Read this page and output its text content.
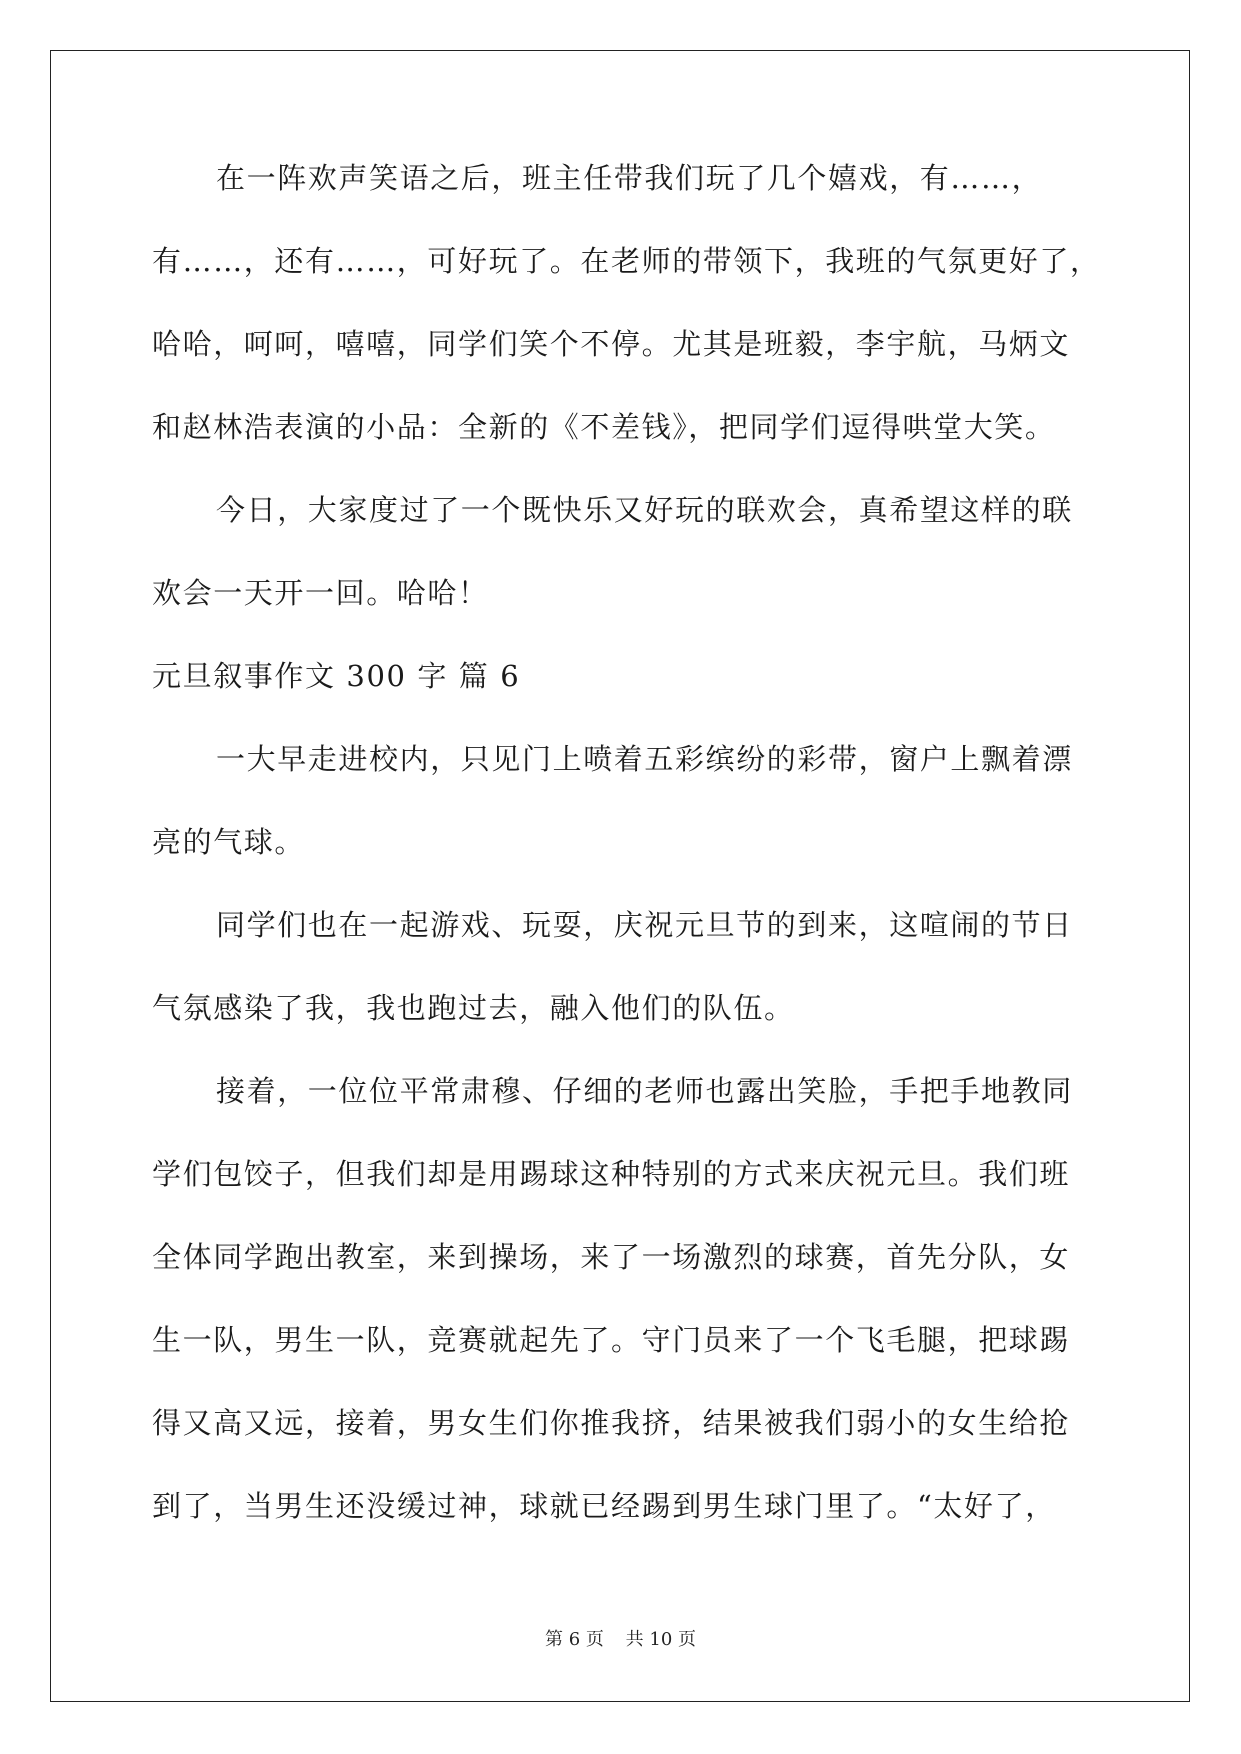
在一阵欢声笑语之后，班主任带我们玩了几个嬉戏，有……，
有……，还有……，可好玩了。在老师的带领下，我班的气氛更好了，
哈哈，呵呵，嘻嘻，同学们笑个不停。尤其是班毅，李宇航，马炳文
和赵林浩表演的小品：全新的《不差钱》，把同学们逗得哄堂大笑。
今日，大家度过了一个既快乐又好玩的联欢会，真希望这样的联
欢会一天开一回。哈哈！
元旦叙事作文 300 字 篇 6
一大早走进校内，只见门上喷着五彩缤纷的彩带，窗户上飘着漂
亮的气球。
同学们也在一起游戏、玩耍，庆祝元旦节的到来，这喧闹的节日
气氛感染了我，我也跑过去，融入他们的队伍。
接着，一位位平常肃穆、仔细的老师也露出笑脸，手把手地教同
学们包饺子，但我们却是用踢球这种特别的方式来庆祝元旦。我们班
全体同学跑出教室，来到操场，来了一场激烈的球赛，首先分队，女
生一队，男生一队，竞赛就起先了。守门员来了一个飞毛腿，把球踢
得又高又远，接着，男女生们你推我挤，结果被我们弱小的女生给抢
到了，当男生还没缓过神，球就已经踢到男生球门里了。“太好了，
第 6 页 共 10 页
